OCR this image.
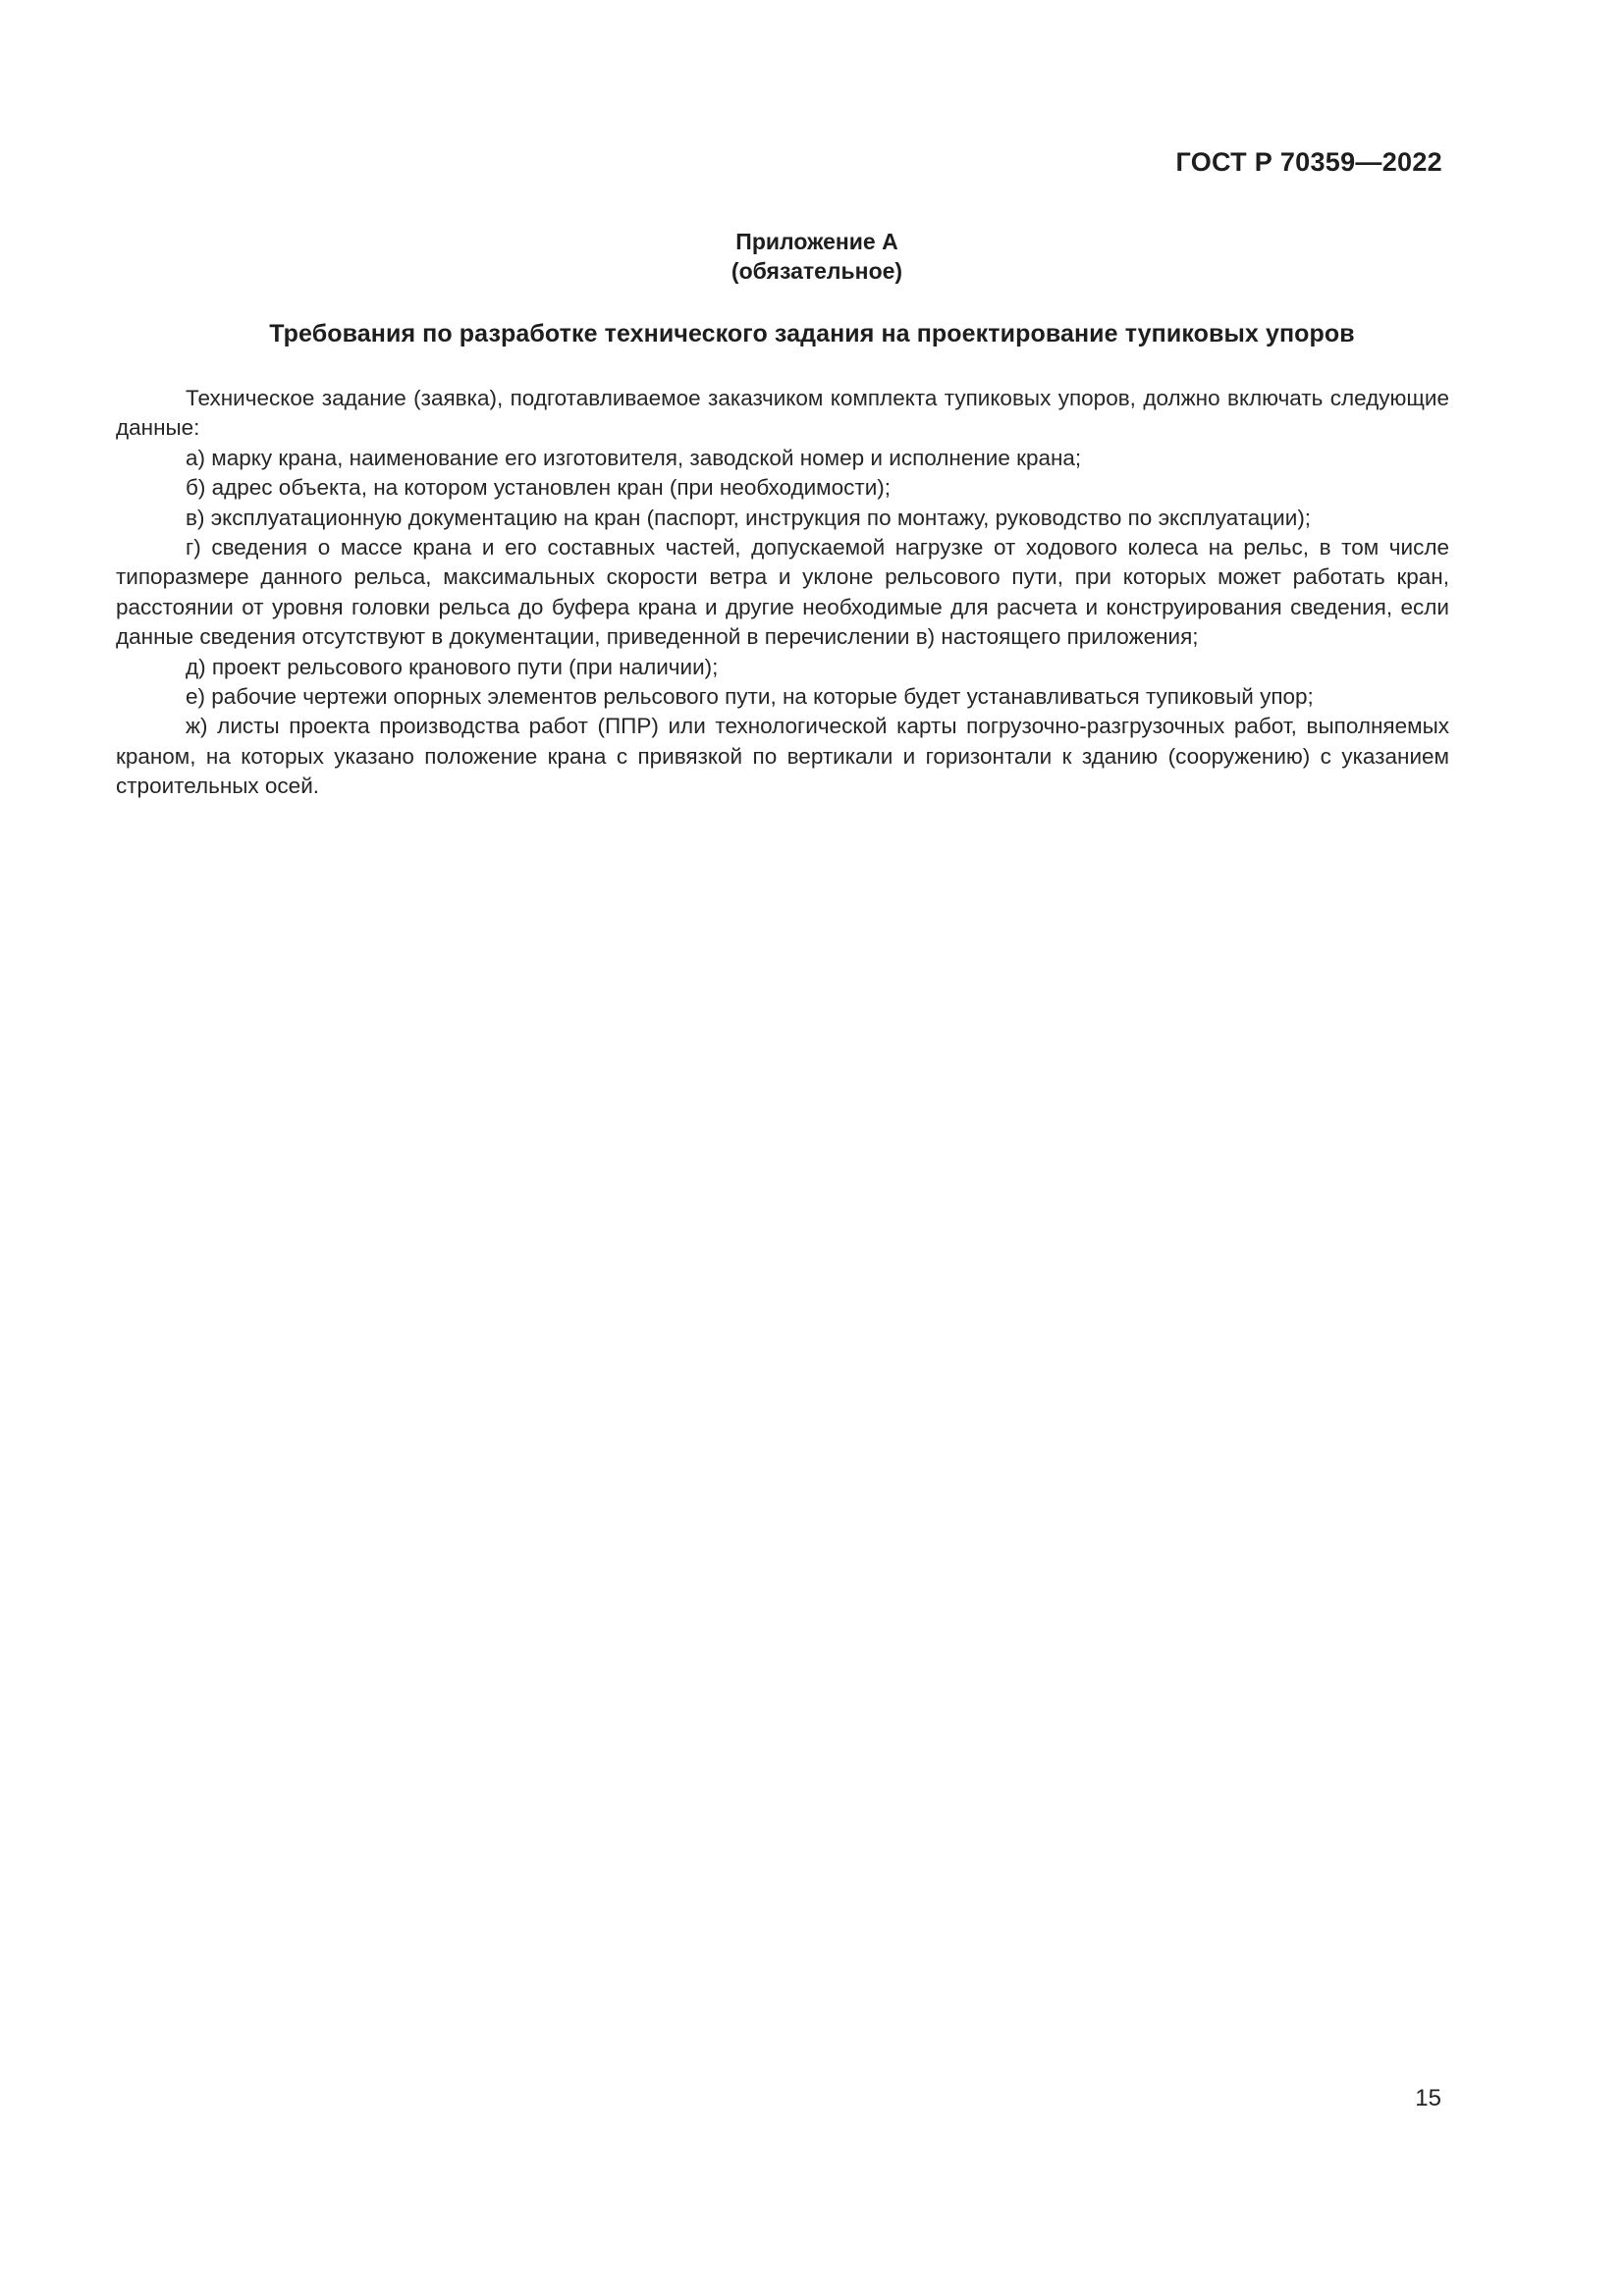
ГОСТ Р 70359—2022
Приложение А
(обязательное)
Требования по разработке технического задания на проектирование тупиковых упоров

Техническое задание (заявка), подготавливаемое заказчиком комплекта тупиковых упоров, должно включать следующие данные:

а) марку крана, наименование его изготовителя, заводской номер и исполнение крана;

б) адрес объекта, на котором установлен кран (при необходимости);

в) эксплуатационную документацию на кран (паспорт, инструкция по монтажу, руководство по эксплуатации);

г) сведения о массе крана и его составных частей, допускаемой нагрузке от ходового колеса на рельс, в том числе типоразмере данного рельса, максимальных скорости ветра и уклоне рельсового пути, при которых может работать кран, расстоянии от уровня головки рельса до буфера крана и другие необходимые для расчета и конструирования сведения, если данные сведения отсутствуют в документации, приведенной в перечислении в) настоящего приложения;

д) проект рельсового кранового пути (при наличии);

е) рабочие чертежи опорных элементов рельсового пути, на которые будет устанавливаться тупиковый упор;

ж) листы проекта производства работ (ППР) или технологической карты погрузочно-разгрузочных работ, выполняемых краном, на которых указано положение крана с привязкой по вертикали и горизонтали к зданию (сооружению) с указанием строительных осей.

15
